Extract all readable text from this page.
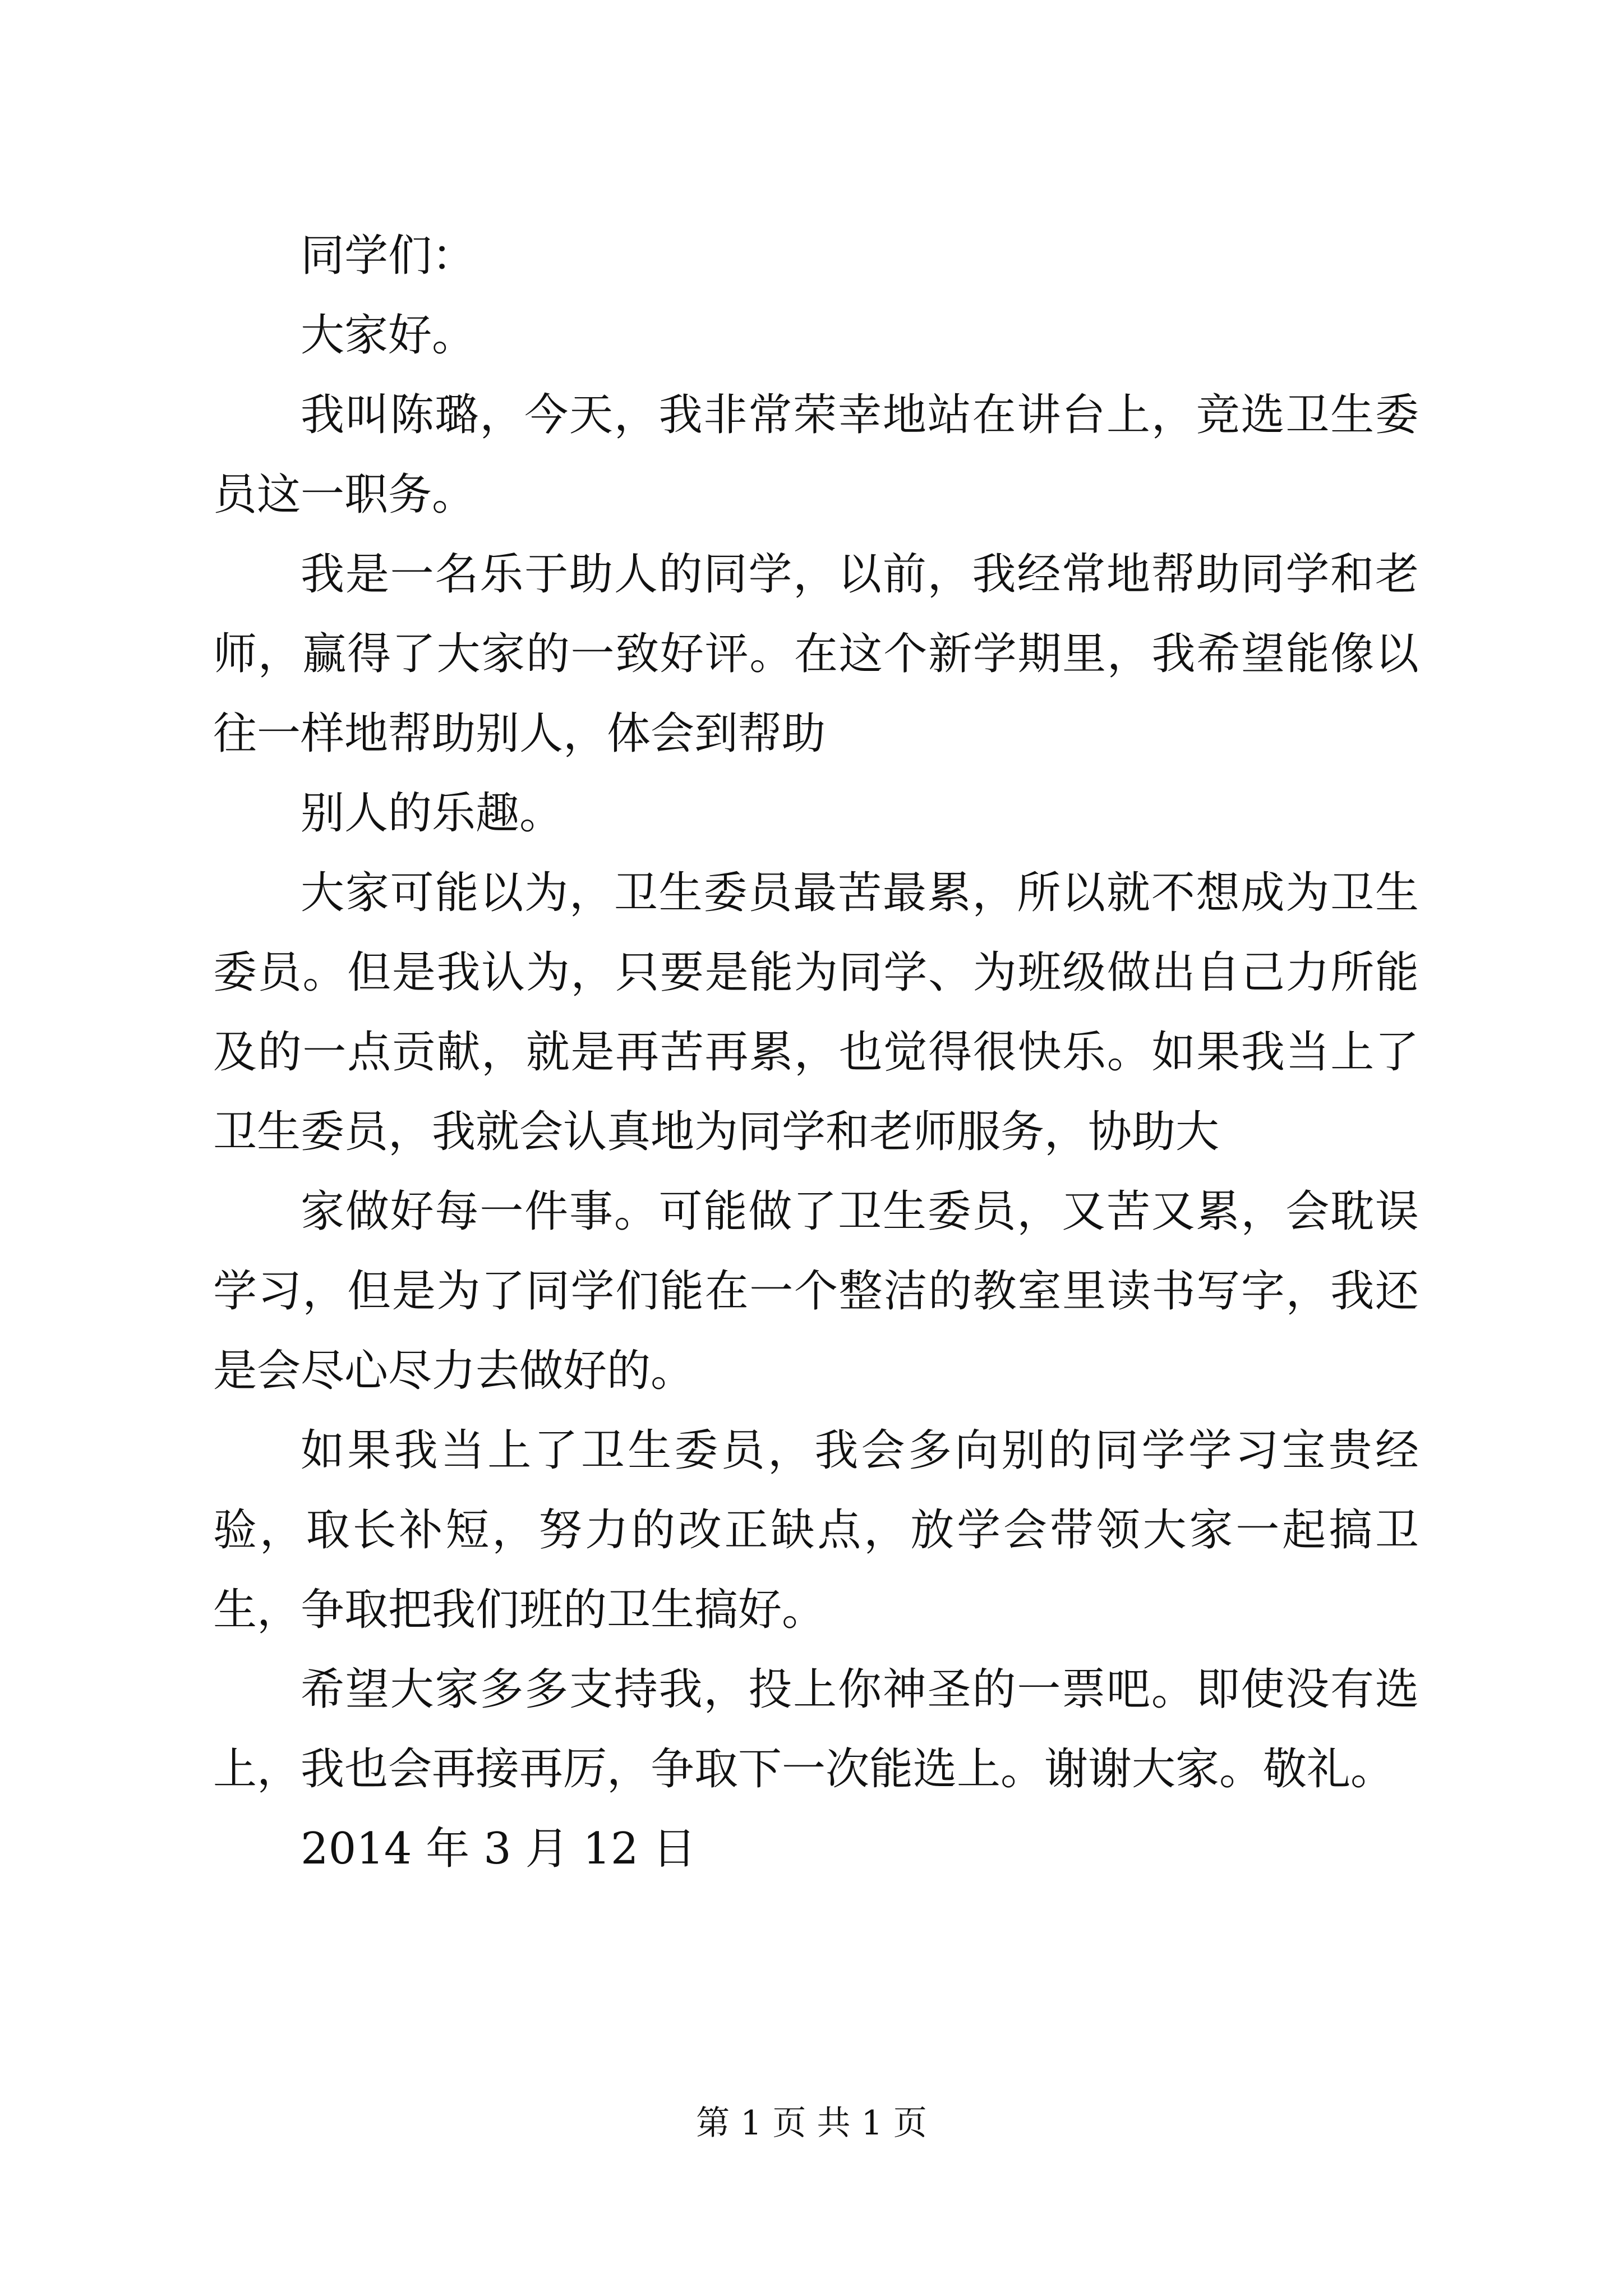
同学们：

大家好。

我叫陈璐，今天，我非常荣幸地站在讲台上，竞选卫生委员这一职务。

我是一名乐于助人的同学，以前，我经常地帮助同学和老师，赢得了大家的一致好评。在这个新学期里，我希望能像以往一样地帮助别人，体会到帮助

别人的乐趣。

大家可能以为，卫生委员最苦最累，所以就不想成为卫生委员。但是我认为，只要是能为同学、为班级做出自己力所能及的一点贡献，就是再苦再累，也觉得很快乐。如果我当上了卫生委员，我就会认真地为同学和老师服务，协助大

家做好每一件事。可能做了卫生委员，又苦又累，会耽误学习，但是为了同学们能在一个整洁的教室里读书写字，我还是会尽心尽力去做好的。

如果我当上了卫生委员，我会多向别的同学学习宝贵经验，取长补短，努力的改正缺点，放学会带领大家一起搞卫生，争取把我们班的卫生搞好。

希望大家多多支持我，投上你神圣的一票吧。即使没有选上，我也会再接再厉，争取下一次能选上。谢谢大家。敬礼。

2014 年 3 月 12 日

第 1 页 共 1 页
